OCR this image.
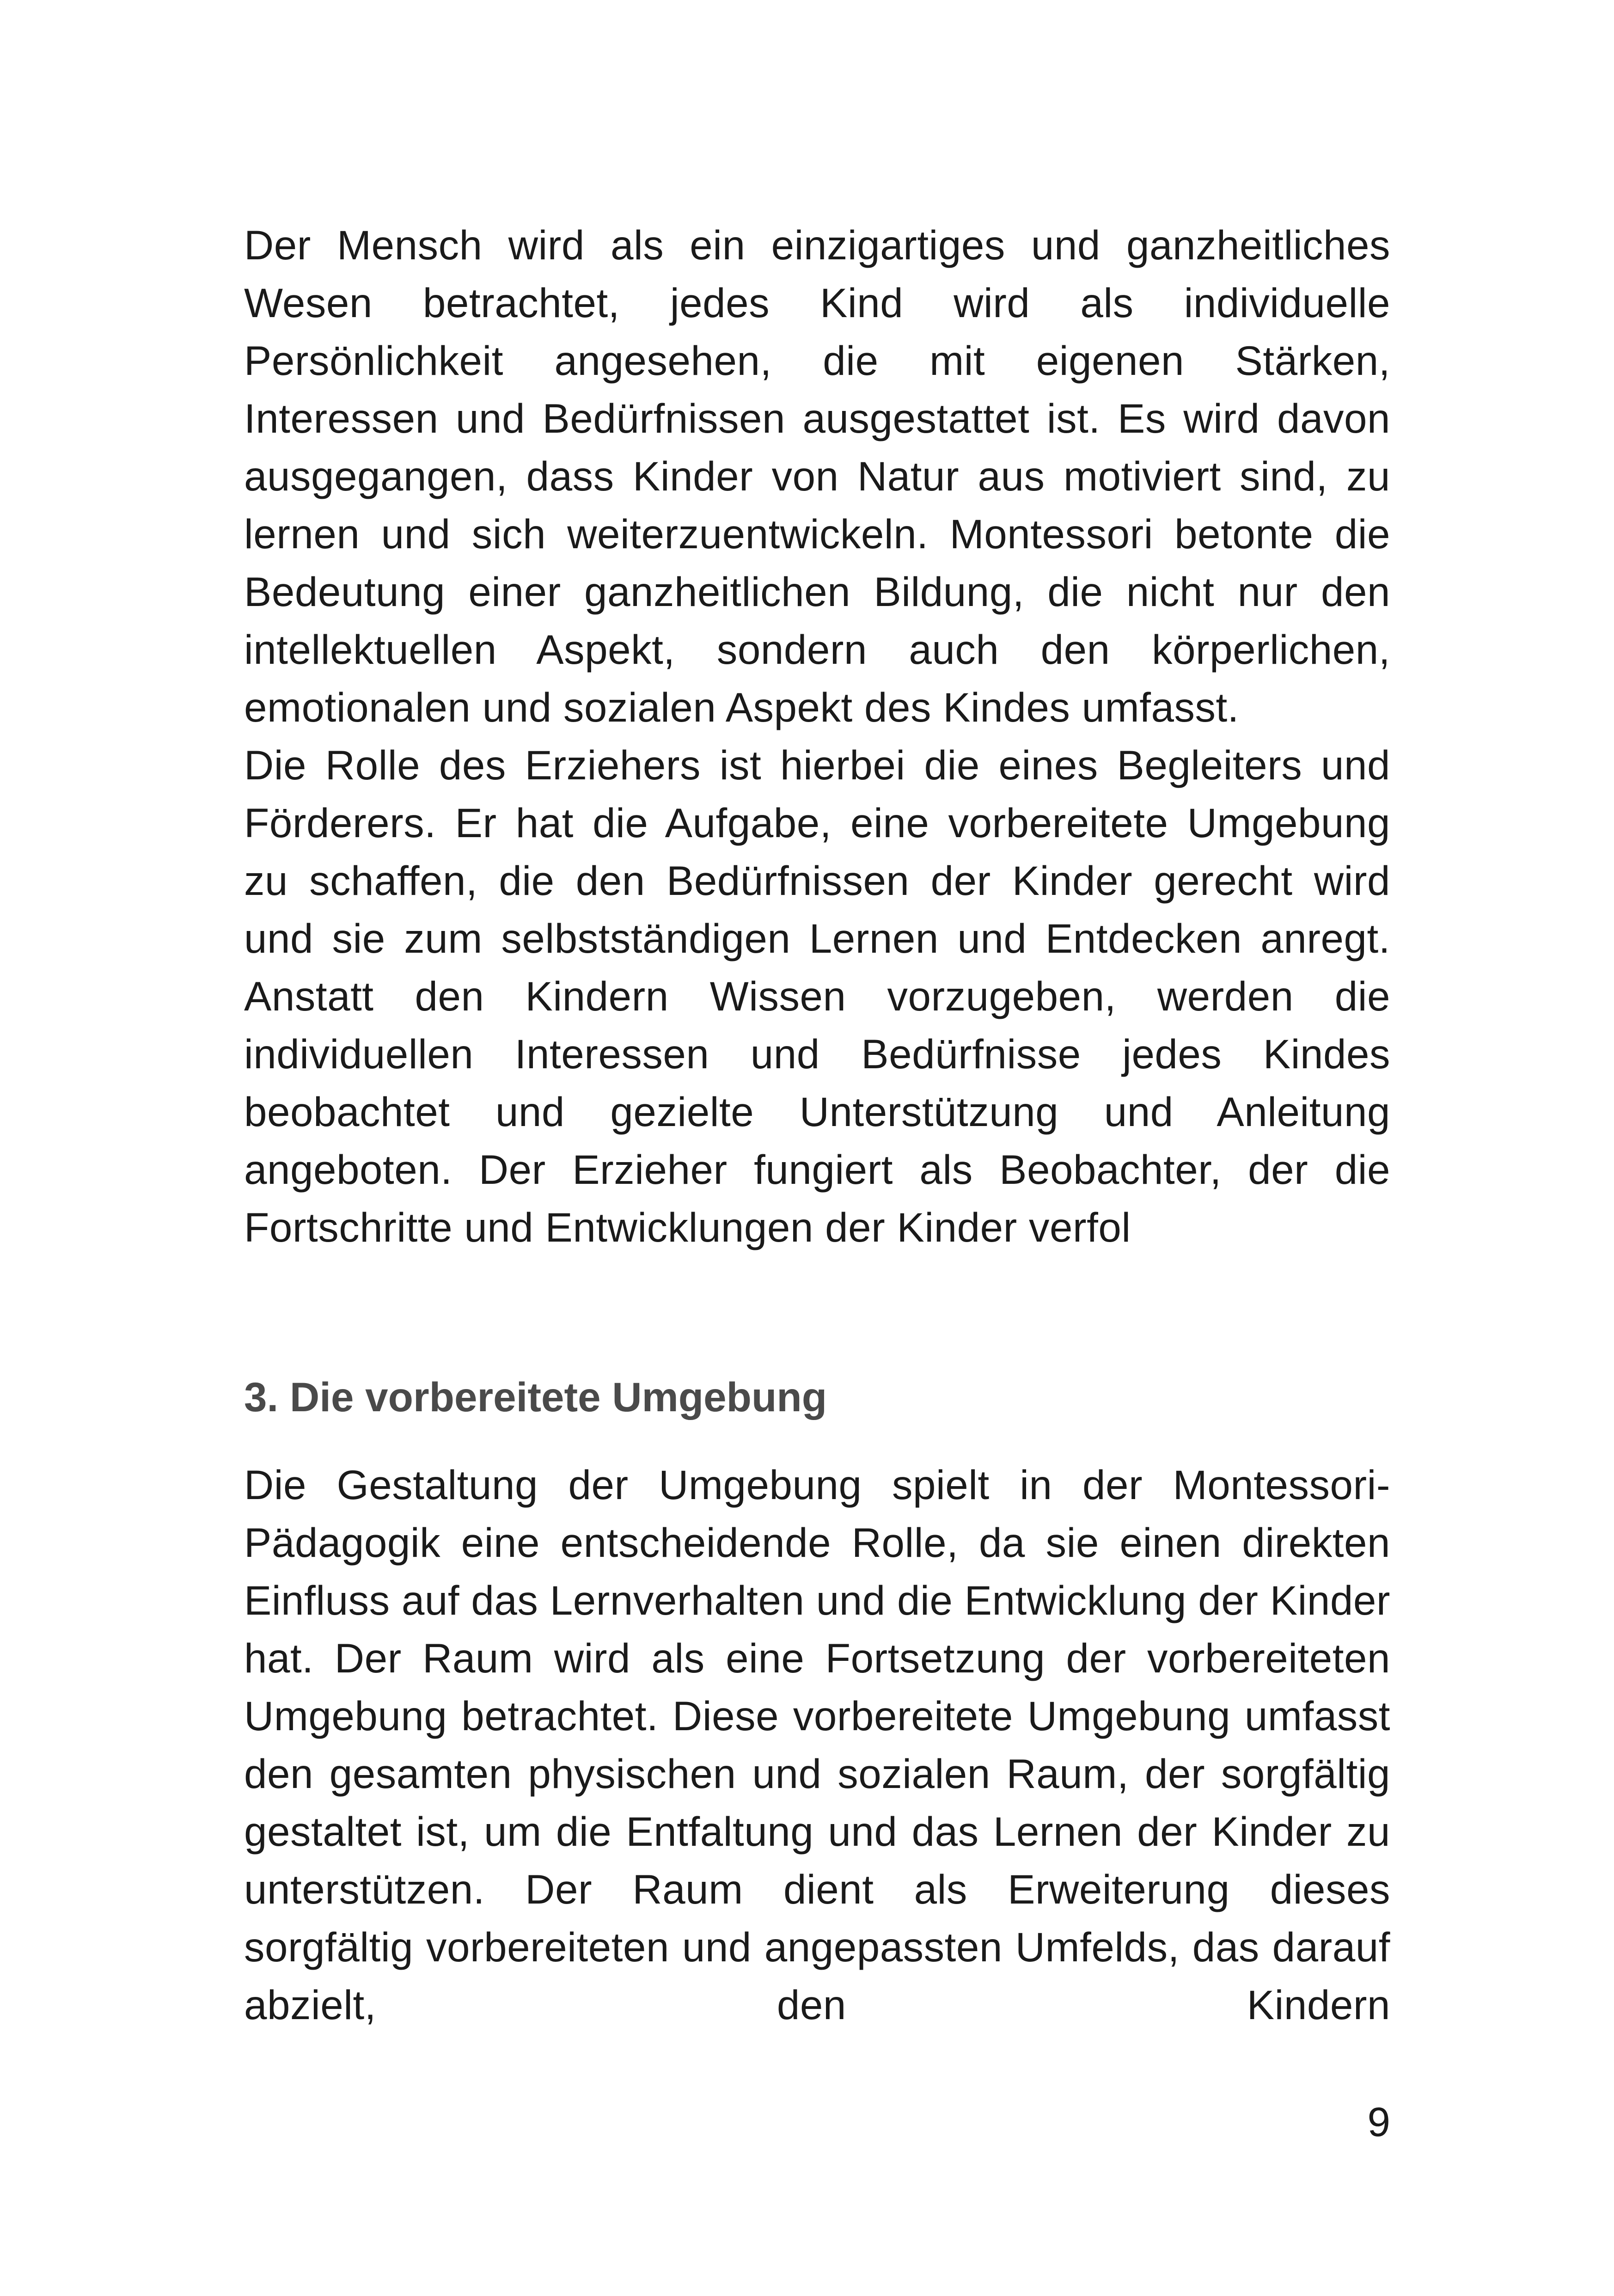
Der Mensch wird als ein einzigartiges und ganzheitliches Wesen betrachtet, jedes Kind wird als individuelle Persönlichkeit angesehen, die mit eigenen Stärken, Interessen und Bedürfnissen ausgestattet ist. Es wird davon ausgegangen, dass Kinder von Natur aus motiviert sind, zu lernen und sich weiterzuentwickeln. Montessori betonte die Bedeutung einer ganzheitlichen Bildung, die nicht nur den intellektuellen Aspekt, sondern auch den körperlichen, emotionalen und sozialen Aspekt des Kindes umfasst.

Die Rolle des Erziehers ist hierbei die eines Begleiters und Förderers. Er hat die Aufgabe, eine vorbereitete Umgebung zu schaffen, die den Bedürfnissen der Kinder gerecht wird und sie zum selbstständigen Lernen und Entdecken anregt. Anstatt den Kindern Wissen vorzugeben, werden die individuellen Interessen und Bedürfnisse jedes Kindes beobachtet und gezielte Unterstützung und Anleitung angeboten. Der Erzieher fungiert als Beobachter, der die Fortschritte und Entwicklungen der Kinder verfol

3. Die vorbereitete Umgebung

Die Gestaltung der Umgebung spielt in der Montessori-Pädagogik eine entscheidende Rolle, da sie einen direkten Einfluss auf das Lernverhalten und die Entwicklung der Kinder hat. Der Raum wird als eine Fortsetzung der vorbereiteten Umgebung betrachtet. Diese vorbereitete Umgebung umfasst den gesamten physischen und sozialen Raum, der sorgfältig gestaltet ist, um die Entfaltung und das Lernen der Kinder zu unterstützen. Der Raum dient als Erweiterung dieses sorgfältig vorbereiteten und angepassten Umfelds, das darauf abzielt, den Kindern

9
